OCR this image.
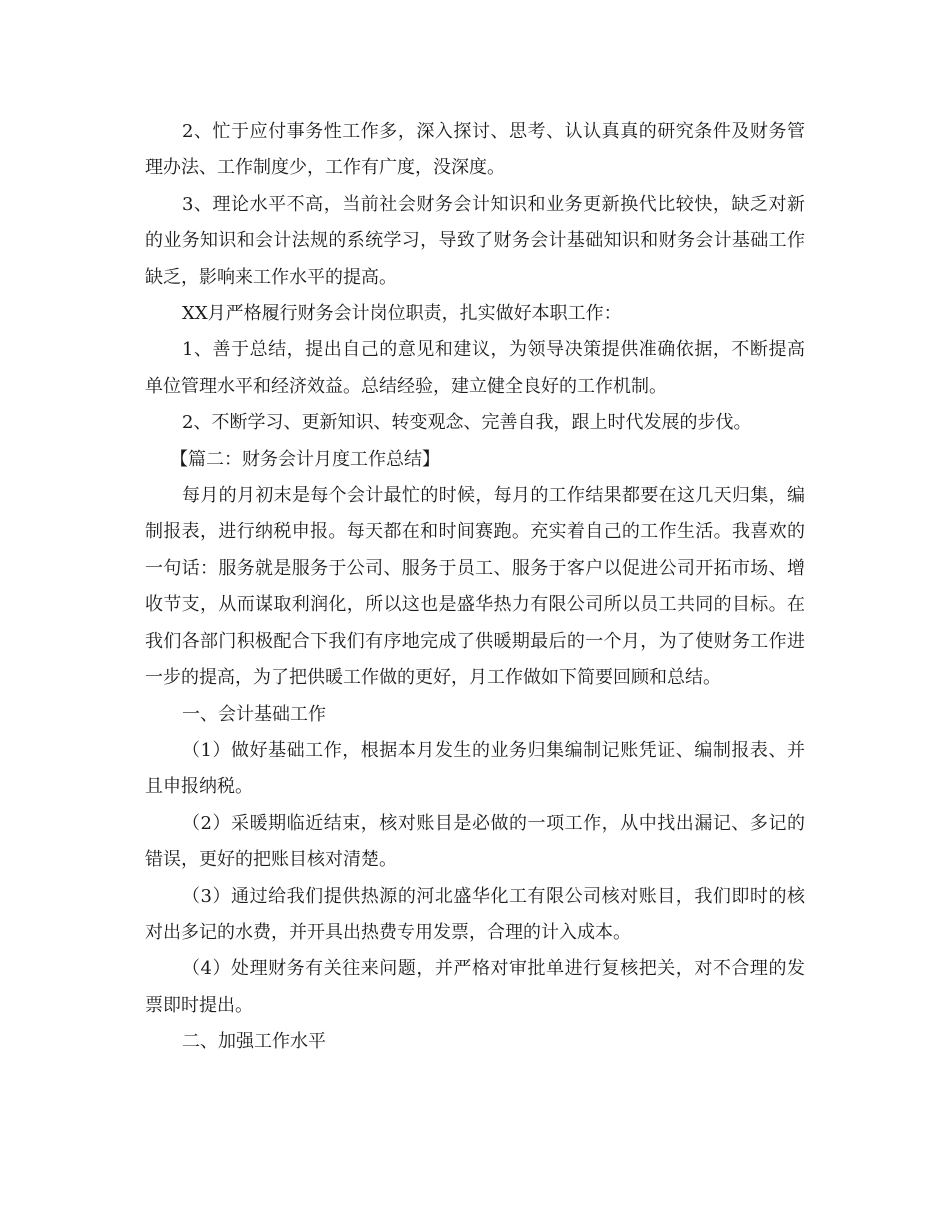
2、忙于应付事务性工作多，深入探讨、思考、认认真真的研究条件及财务管理办法、工作制度少，工作有广度，没深度。

3、理论水平不高，当前社会财务会计知识和业务更新换代比较快，缺乏对新的业务知识和会计法规的系统学习，导致了财务会计基础知识和财务会计基础工作缺乏，影响来工作水平的提高。

XX月严格履行财务会计岗位职责，扎实做好本职工作：

1、善于总结，提出自己的意见和建议，为领导决策提供准确依据，不断提高单位管理水平和经济效益。总结经验，建立健全良好的工作机制。

2、不断学习、更新知识、转变观念、完善自我，跟上时代发展的步伐。

【篇二：财务会计月度工作总结】

每月的月初末是每个会计最忙的时候，每月的工作结果都要在这几天归集，编制报表，进行纳税申报。每天都在和时间赛跑。充实着自己的工作生活。我喜欢的一句话：服务就是服务于公司、服务于员工、服务于客户以促进公司开拓市场、增收节支，从而谋取利润化，所以这也是盛华热力有限公司所以员工共同的目标。在我们各部门积极配合下我们有序地完成了供暖期最后的一个月，为了使财务工作进一步的提高，为了把供暖工作做的更好，月工作做如下简要回顾和总结。

一、会计基础工作

（1）做好基础工作，根据本月发生的业务归集编制记账凭证、编制报表、并且申报纳税。

（2）采暖期临近结束，核对账目是必做的一项工作，从中找出漏记、多记的错误，更好的把账目核对清楚。

（3）通过给我们提供热源的河北盛华化工有限公司核对账目，我们即时的核对出多记的水费，并开具出热费专用发票，合理的计入成本。

（4）处理财务有关往来问题，并严格对审批单进行复核把关，对不合理的发票即时提出。

二、加强工作水平
